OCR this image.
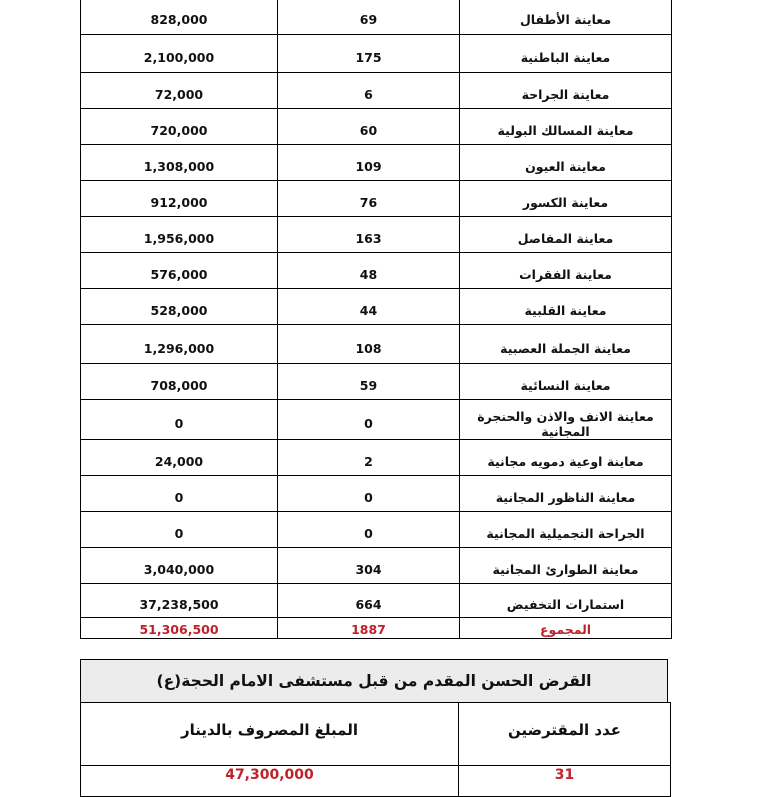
828,000	69	معاينة الأطفال

2,100,000	175	معاينة الباطنية

72,000	6	معاينة الجراحة

720,000	60	معاينة المسالك البولية

1,308,000	109	معاينة العيون

912,000	76	معاينة الكسور

1,956,000	163	معاينة المفاصل

576,000	48	معاينة الفقرات

528,000	44	معاينة القلبية

1,296,000	108	معاينة الجملة العصبية

708,000	59	معاينة النسائية

0	0	معاينة الانف والاذن والحنجرة المجانية

24,000	2	معاينة اوعية دمويه مجانية

0	0	معاينة الناظور المجانية

0	0	الجراحة التجميلية المجانية

3,040,000	304	معاينة الطوارئ المجانية

37,238,500	664	استمارات التخفيض

51,306,500	1887	المجموع
القرض الحسن المقدم من قبل مستشفى الامام الحجة(ع)
المبلغ المصروف بالدينار	عدد المقترضين

47,300,000	31
